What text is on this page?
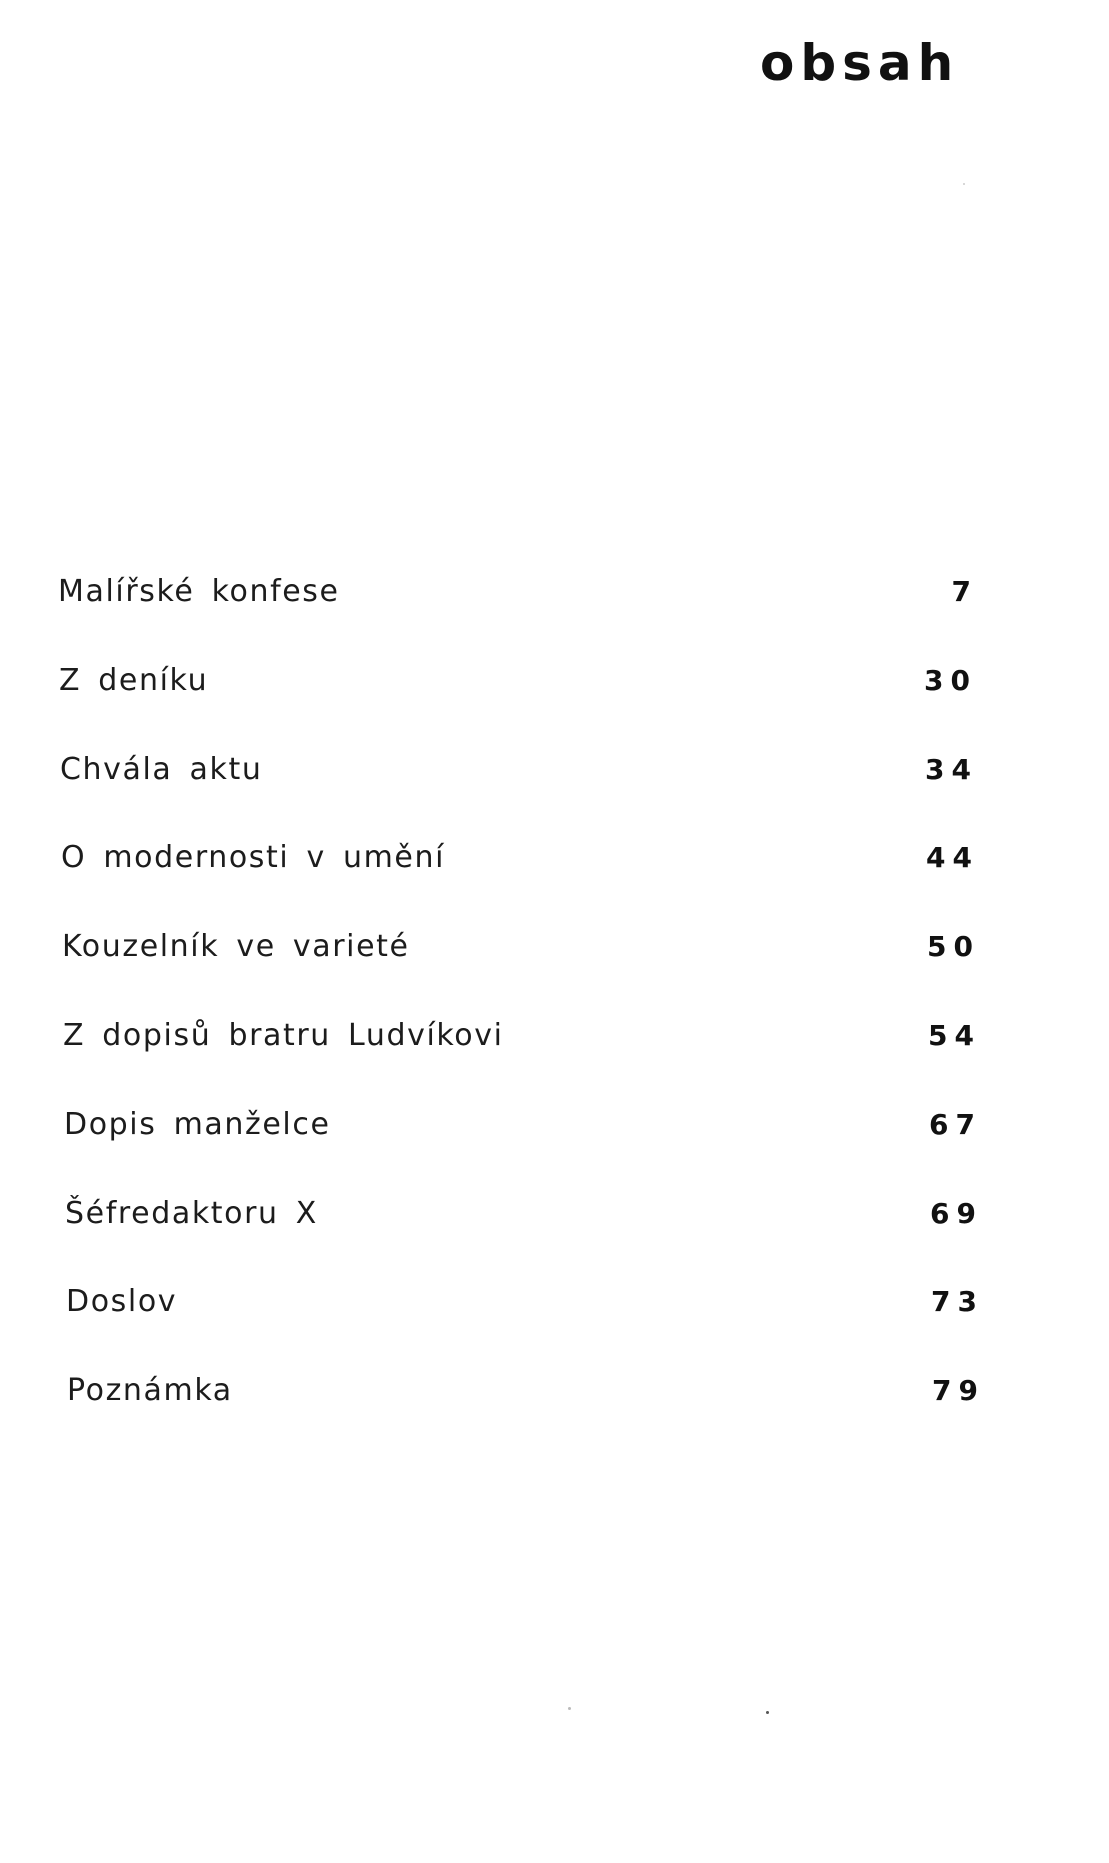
obsah
Malířské konfese	7
Z deníku	30
Chvála aktu	34
O modernosti v umění	44
Kouzelník ve varieté	50
Z dopisů bratru Ludvíkovi	54
Dopis manželce	67
Šéfredaktoru X	69
Doslov	73
Poznámka	79
